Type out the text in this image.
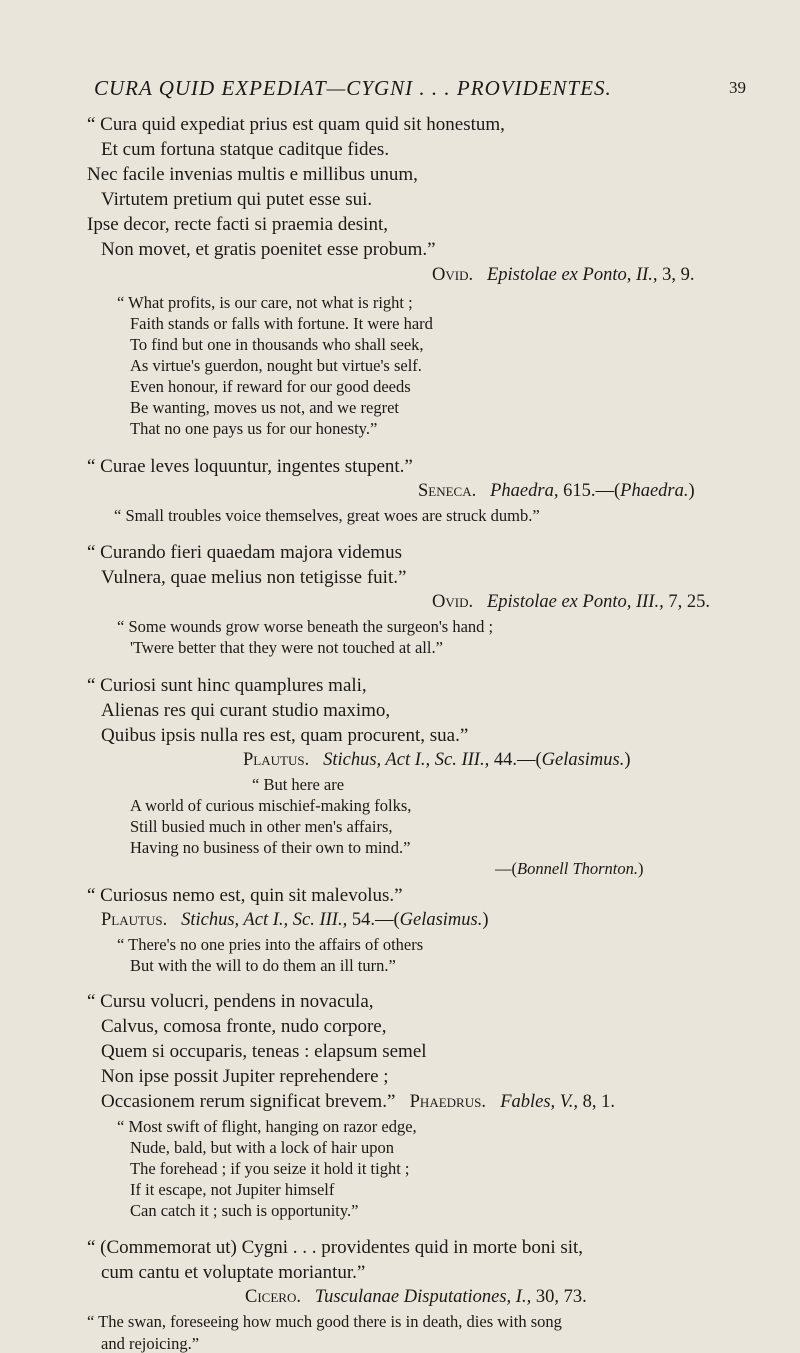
CURA QUID EXPEDIAT—CYGNI . . . PROVIDENTES.	39
“ Cura quid expediat prius est quam quid sit honestum,
Et cum fortuna statque caditque fides.
Nec facile invenias multis e millibus unum,
Virtutem pretium qui putet esse sui.
Ipse decor, recte facti si praemia desint,
Non movet, et gratis poenitet esse probum.”
Ovid. Epistolae ex Ponto, II., 3, 9.
“ What profits, is our care, not what is right ;
Faith stands or falls with fortune. It were hard
To find but one in thousands who shall seek,
As virtue's guerdon, nought but virtue's self.
Even honour, if reward for our good deeds
Be wanting, moves us not, and we regret
That no one pays us for our honesty.”
“ Curae leves loquuntur, ingentes stupent.”
Seneca. Phaedra, 615.—(Phaedra.)
“ Small troubles voice themselves, great woes are struck dumb.”
“ Curando fieri quaedam majora videmus
Vulnera, quae melius non tetigisse fuit.”
Ovid. Epistolae ex Ponto, III., 7, 25.
“ Some wounds grow worse beneath the surgeon's hand ;
'Twere better that they were not touched at all.”
“ Curiosi sunt hinc quamplures mali,
Alienas res qui curant studio maximo,
Quibus ipsis nulla res est, quam procurent, sua.”
Plautus. Stichus, Act I., Sc. III., 44.—(Gelasimus.)
“ But here are
A world of curious mischief-making folks,
Still busied much in other men's affairs,
Having no business of their own to mind.”
—(Bonnell Thornton.)
“ Curiosus nemo est, quin sit malevolus.”
Plautus. Stichus, Act I., Sc. III., 54.—(Gelasimus.)
“ There's no one pries into the affairs of others
But with the will to do them an ill turn.”
“ Cursu volucri, pendens in novacula,
Calvus, comosa fronte, nudo corpore,
Quem si occuparis, teneas : elapsum semel
Non ipse possit Jupiter reprehendere ;
Occasionem rerum significat brevem.” Phaedrus. Fables, V., 8, 1.
“ Most swift of flight, hanging on razor edge,
Nude, bald, but with a lock of hair upon
The forehead ; if you seize it hold it tight ;
If it escape, not Jupiter himself
Can catch it ; such is opportunity.”
“ (Commemorat ut) Cygni . . . providentes quid in morte boni sit,
cum cantu et voluptate moriantur.”
Cicero. Tusculanae Disputationes, I., 30, 73.
“ The swan, foreseeing how much good there is in death, dies with song
and rejoicing.”
